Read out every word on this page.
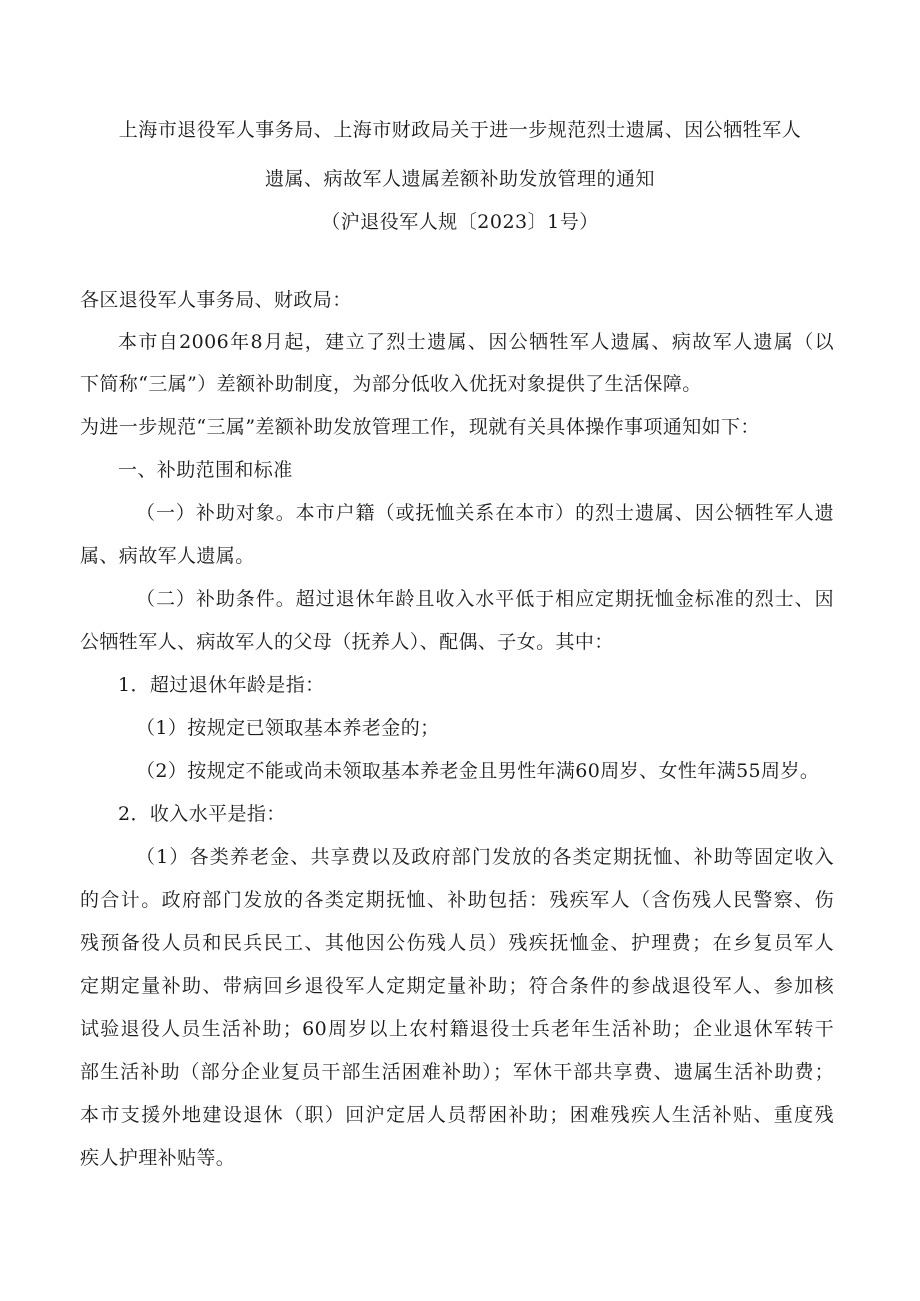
上海市退役军人事务局、上海市财政局关于进一步规范烈士遗属、因公牺牲军人
遗属、病故军人遗属差额补助发放管理的通知
（沪退役军人规〔2023〕1号）
各区退役军人事务局、财政局：
本市自2006年8月起，建立了烈士遗属、因公牺牲军人遗属、病故军人遗属（以
下简称“三属”）差额补助制度，为部分低收入优抚对象提供了生活保障。
为进一步规范“三属”差额补助发放管理工作，现就有关具体操作事项通知如下：
一、补助范围和标准
（一）补助对象。本市户籍（或抚恤关系在本市）的烈士遗属、因公牺牲军人遗
属、病故军人遗属。
（二）补助条件。超过退休年龄且收入水平低于相应定期抚恤金标准的烈士、因
公牺牲军人、病故军人的父母（抚养人）、配偶、子女。其中：
1．超过退休年龄是指：
（1）按规定已领取基本养老金的；
（2）按规定不能或尚未领取基本养老金且男性年满60周岁、女性年满55周岁。
2．收入水平是指：
（1）各类养老金、共享费以及政府部门发放的各类定期抚恤、补助等固定收入
的合计。政府部门发放的各类定期抚恤、补助包括：残疾军人（含伤残人民警察、伤
残预备役人员和民兵民工、其他因公伤残人员）残疾抚恤金、护理费；在乡复员军人
定期定量补助、带病回乡退役军人定期定量补助；符合条件的参战退役军人、参加核
试验退役人员生活补助；60周岁以上农村籍退役士兵老年生活补助；企业退休军转干
部生活补助（部分企业复员干部生活困难补助）；军休干部共享费、遗属生活补助费；
本市支援外地建设退休（职）回沪定居人员帮困补助；困难残疾人生活补贴、重度残
疾人护理补贴等。
